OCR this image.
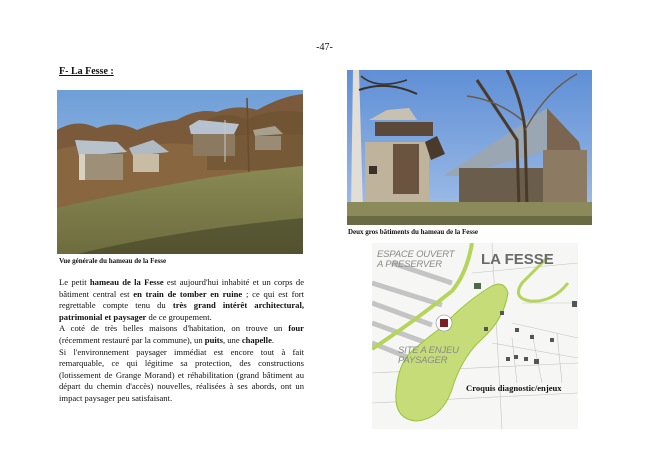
-47-
F- La Fesse :
Vue générale du hameau de la Fesse
Deux gros bâtiments du hameau de la Fesse
ESPACE OUVERT
A PRESERVER	LA FESSE
SITE A ENJEU
PAYSAGER
Croquis diagnostic/enjeux

Le petit hameau de la Fesse est aujourd'hui inhabité et un corps de bâtiment central est en train de tomber en ruine ; ce qui est fort regrettable compte tenu du très grand intérêt architectural, patrimonial et paysager de ce groupement.

A coté de très belles maisons d'habitation, on trouve un four (récemment restauré par la commune), un puits, une chapelle.

Si l'environnement paysager immédiat est encore tout à fait remarquable, ce qui légitime sa protection, des constructions (lotissement de Grange Morand) et réhabilitation (grand bâtiment au départ du chemin d'accès) nouvelles, réalisées à ses abords, ont un impact paysager peu satisfaisant.
